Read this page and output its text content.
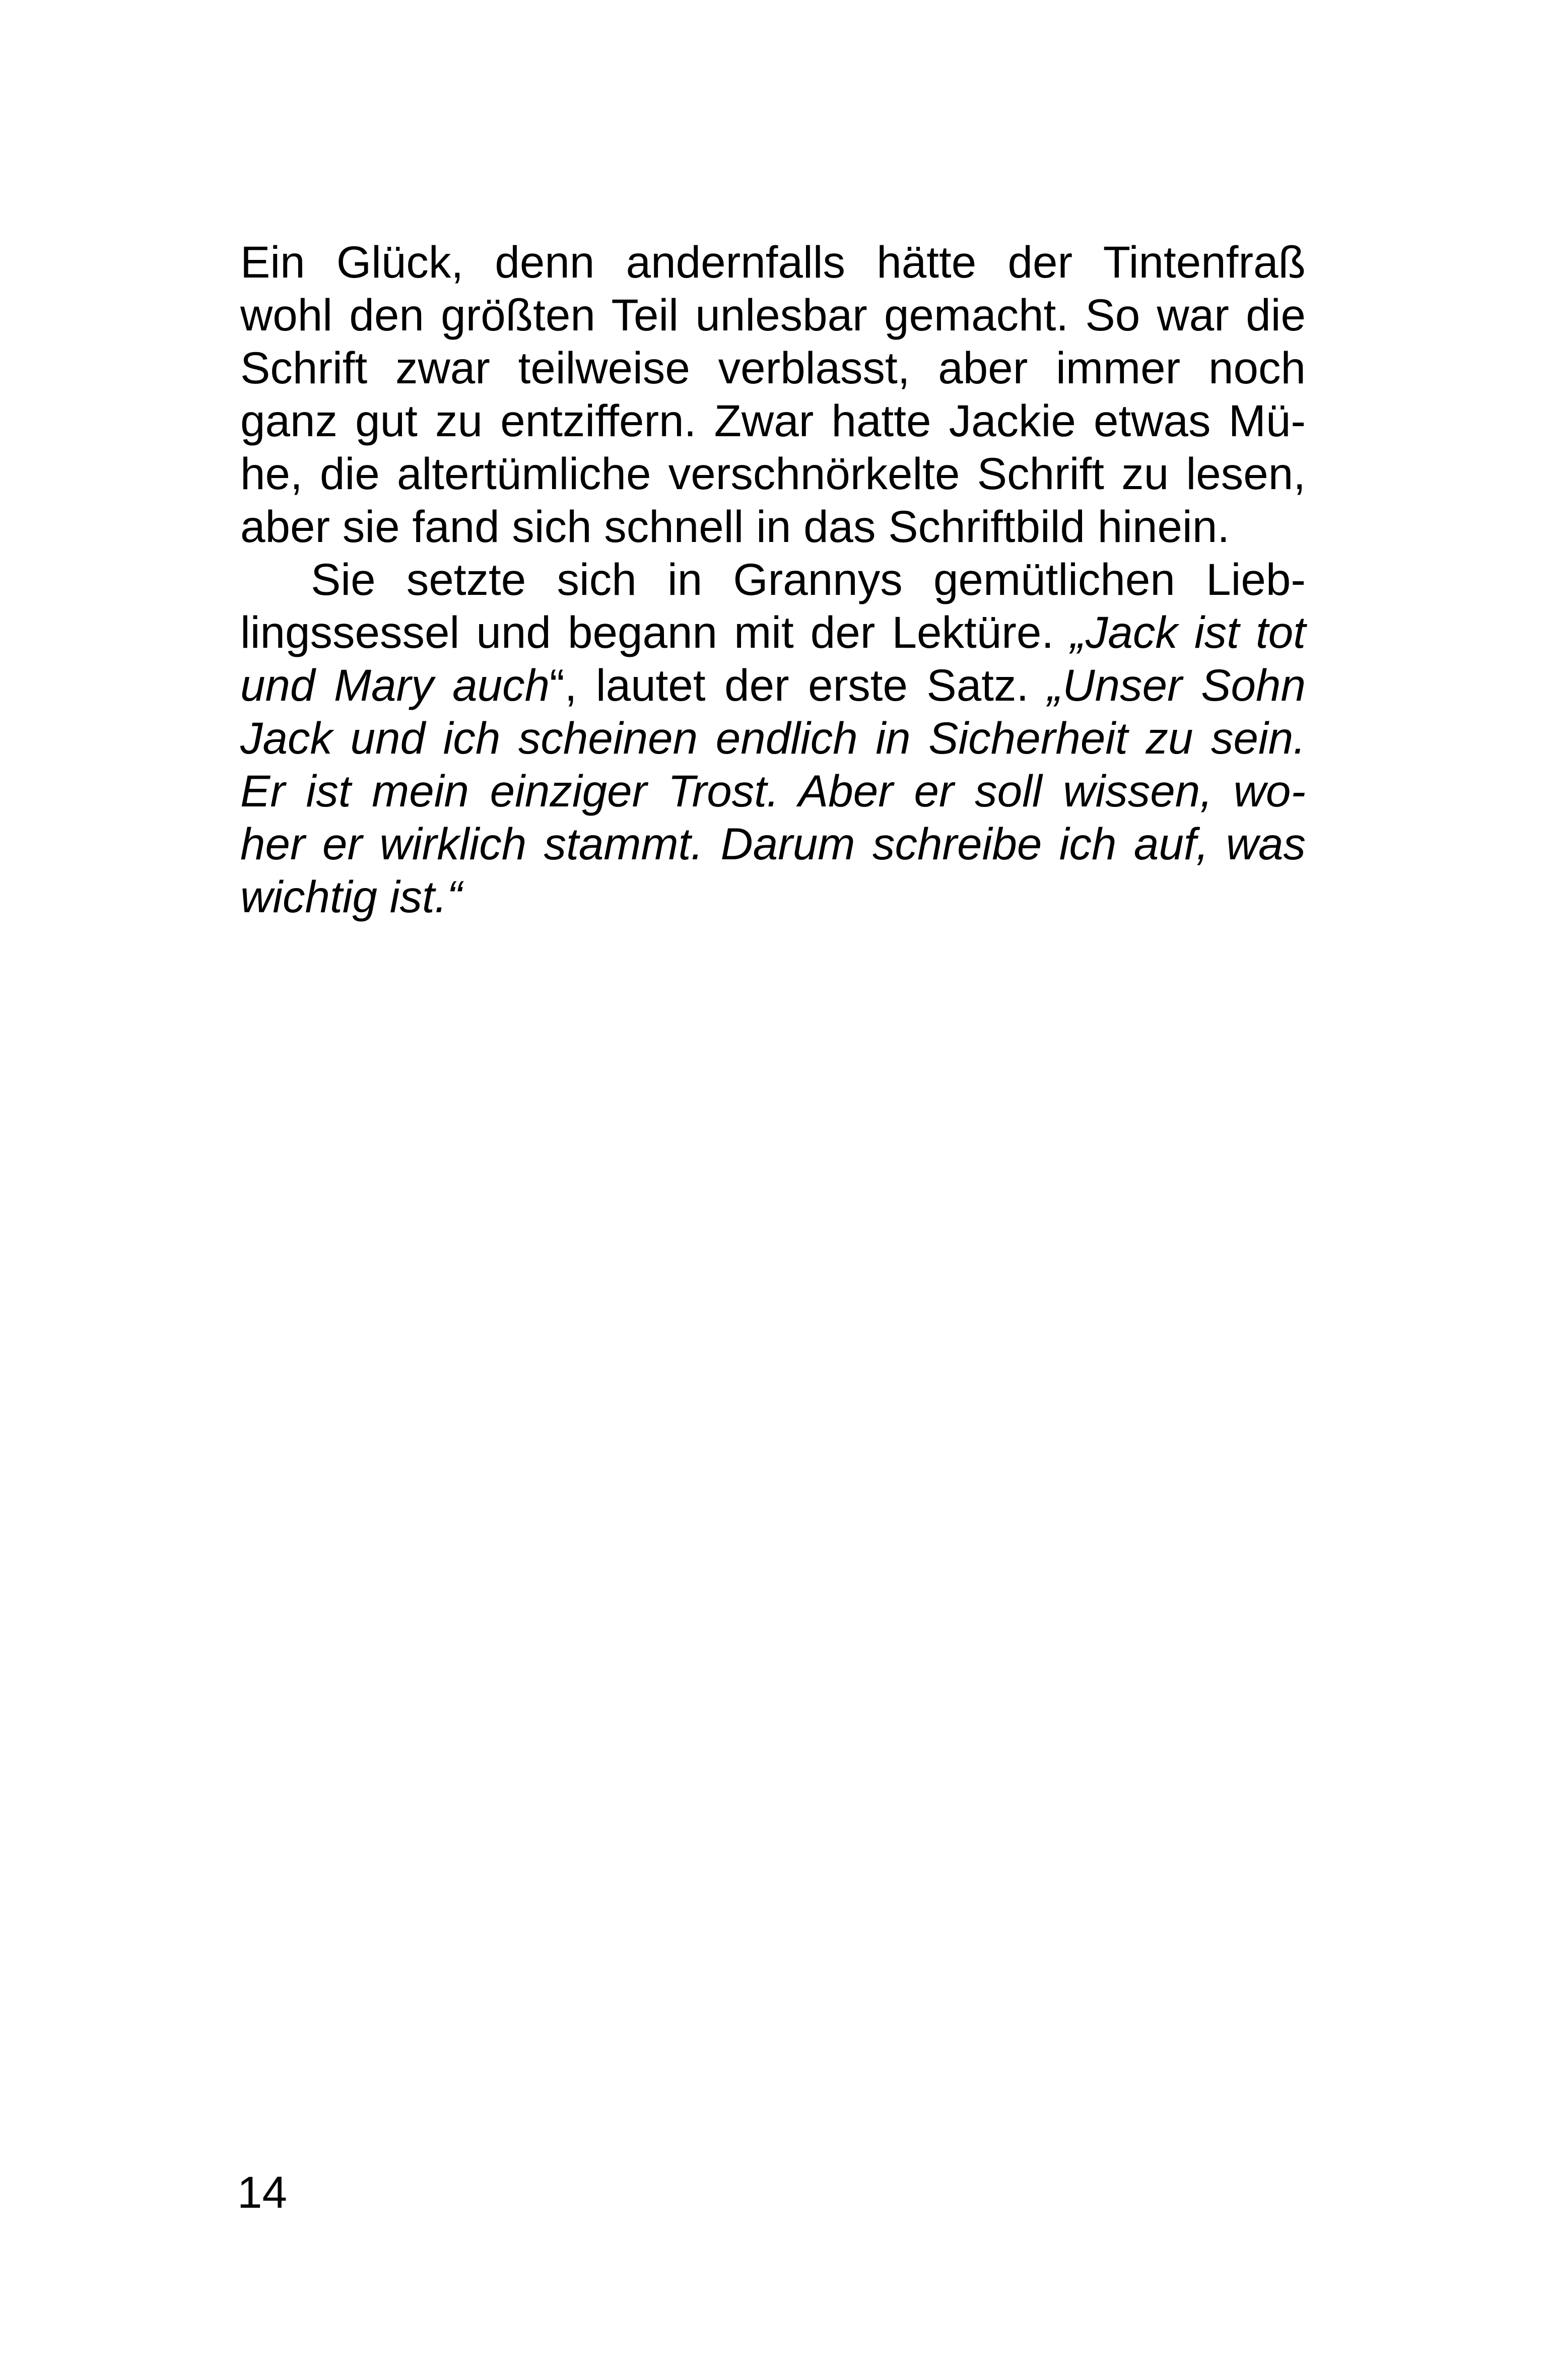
Ein Glück, denn andernfalls hätte der Tintenfraß
wohl den größten Teil unlesbar gemacht. So war die
Schrift zwar teilweise verblasst, aber immer noch
ganz gut zu entziffern. Zwar hatte Jackie etwas Mü-
he, die altertümliche verschnörkelte Schrift zu lesen,
aber sie fand sich schnell in das Schriftbild hinein.
Sie setzte sich in Grannys gemütlichen Lieb-
lingssessel und begann mit der Lektüre. „Jack ist tot
und Mary auch“, lautet der erste Satz. „Unser Sohn
Jack und ich scheinen endlich in Sicherheit zu sein.
Er ist mein einziger Trost. Aber er soll wissen, wo-
her er wirklich stammt. Darum schreibe ich auf, was
wichtig ist.“
14
